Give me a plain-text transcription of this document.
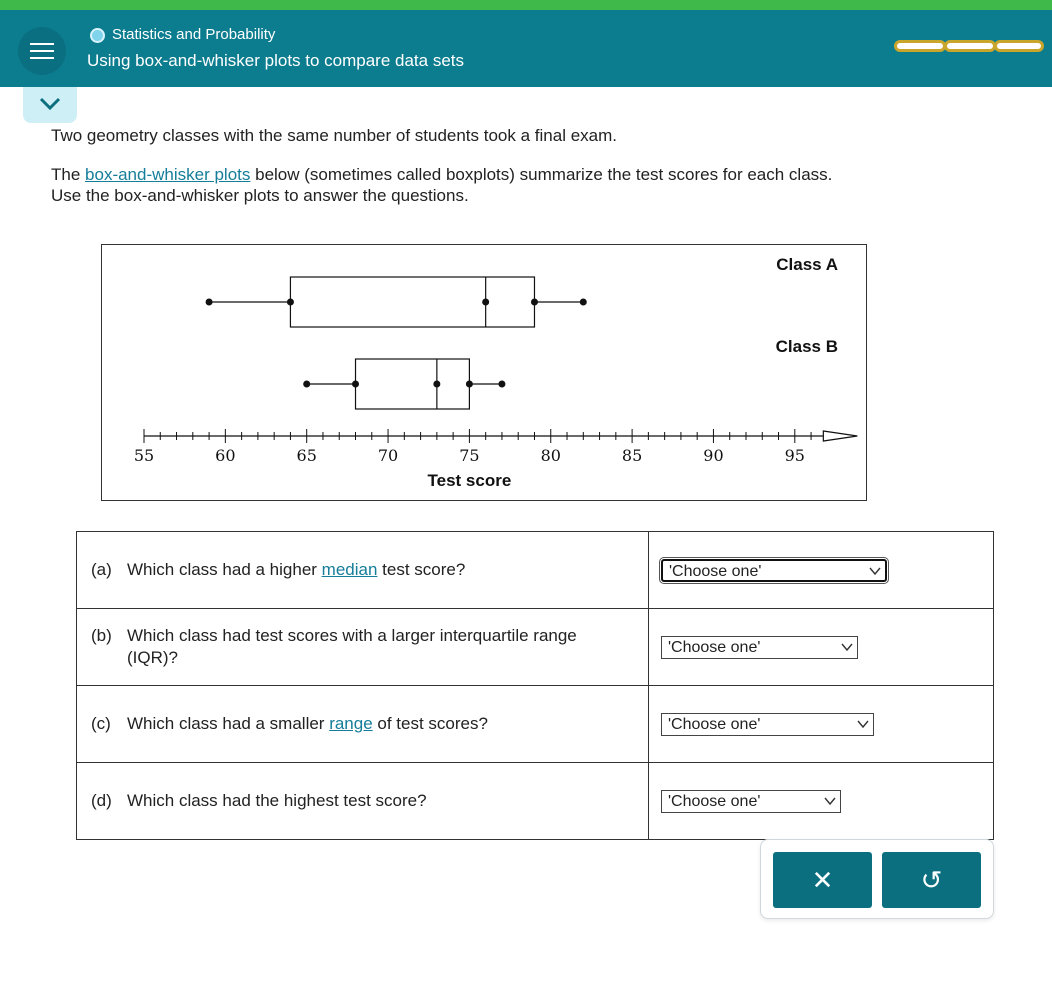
Statistics and Probability
Using box-and-whisker plots to compare data sets
Two geometry classes with the same number of students took a final exam.
The box-and-whisker plots below (sometimes called boxplots) summarize the test scores for each class.
Use the box-and-whisker plots to answer the questions.
55	60	65	70	75	80	85	90	95
Test score
Class A
Class B
(a) Which class had a higher median test score?	'Choose one'

(b) Which class had test scores with a larger interquartile range (IQR)?	'Choose one'

(c) Which class had a smaller range of test scores?	'Choose one'

(d) Which class had the highest test score?	'Choose one'
✕	↺
